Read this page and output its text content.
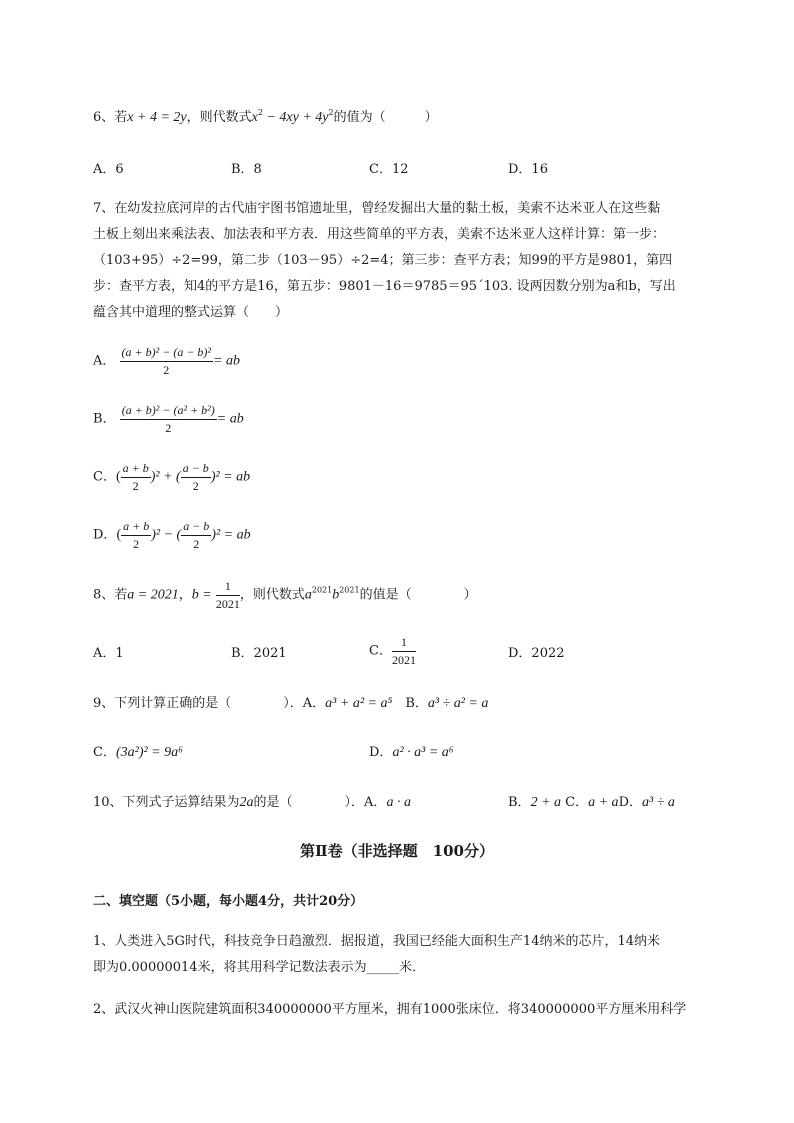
6、若x + 4 = 2y，则代数式$x^2 - 4xy + 4y^2$的值为（　　　）
A．6	B．8	C．12	D．16
7、在幼发拉底河岸的古代庙宇图书馆遗址里，曾经发掘出大量的黏土板，美索不达米亚人在这些黏
土板上刻出来乘法表、加法表和平方表．用这些简单的平方表，美索不达米亚人这样计算：第一步：
（103+95）÷2=99，第二步（103－95）÷2=4；第三步：查平方表；知99的平方是9801，第四
步：查平方表，知4的平方是16，第五步：9801－16＝9785＝95´103. 设两因数分别为a和b，写出
蕴含其中道理的整式运算（　　）
A． $\frac{\text{(a + b)² − (a − b)²}}{2}$ = ab
B． $\frac{\text{(a + b)² − (a² + b²)}}{2}$ = ab
C．( $\frac{a + b}{2} )^2$ + ( $\frac{a - b}{2} )^2$ = ab
D．( $\frac{a + b}{2} )^2$ − ( $\frac{a - b}{2} )^2$ = ab
8、若a = 2021，$b = \frac{1}{2021}$ ，则代数式$a^{2021}b^{2021}$的值是（　　　　）
A．1	B．2021	C． $\frac{1}{2021}$	D．2022
9、下列计算正确的是（　　　　）．A．a³ + a² = a⁵　 B．a³ ÷ a² = a
C．(3a²)² = 9a⁶	D．a² · a³ = a⁶
10、下列式子运算结果为2a的是（　　　　）．A．a · a	B．2 + a C．a + aD．a³ ÷ a
第Ⅱ卷（非选择题　100分）
二、填空题（5小题，每小题4分，共计20分）
1、人类进入5G时代，科技竞争日趋激烈．据报道，我国已经能大面积生产14纳米的芯片，14纳米
即为0.00000014米，将其用科学记数法表示为_____米．
2、武汉火神山医院建筑面积340000000平方厘米，拥有1000张床位．将340000000平方厘米用科学
